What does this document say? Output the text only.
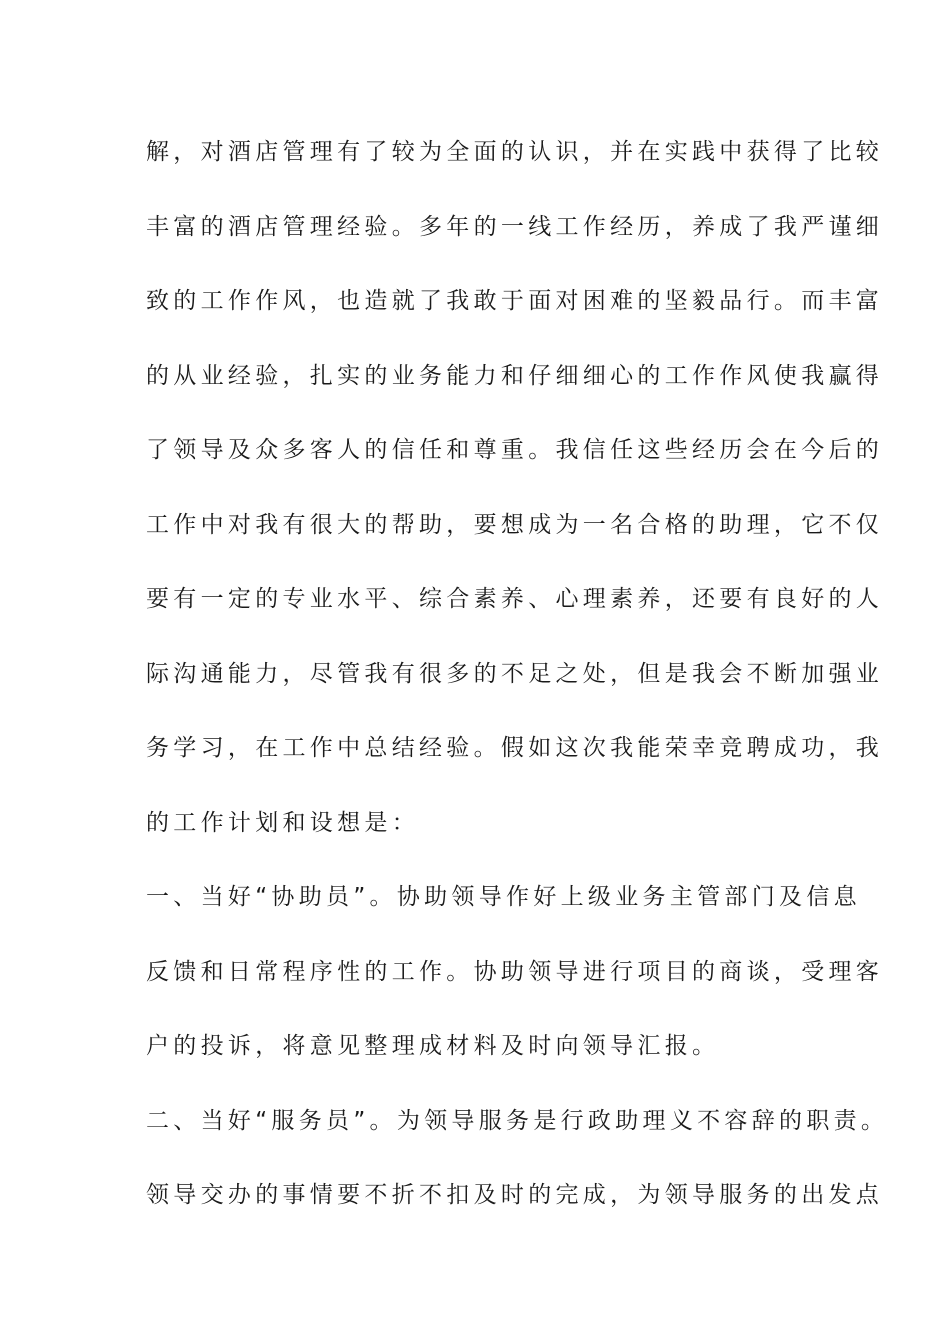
解，对酒店管理有了较为全面的认识，并在实践中获得了比较
丰富的酒店管理经验。多年的一线工作经历，养成了我严谨细
致的工作作风，也造就了我敢于面对困难的坚毅品行。而丰富
的从业经验，扎实的业务能力和仔细细心的工作作风使我赢得
了领导及众多客人的信任和尊重。我信任这些经历会在今后的
工作中对我有很大的帮助，要想成为一名合格的助理，它不仅
要有一定的专业水平、综合素养、心理素养，还要有良好的人
际沟通能力，尽管我有很多的不足之处，但是我会不断加强业
务学习，在工作中总结经验。假如这次我能荣幸竞聘成功，我
的工作计划和设想是：
一、当好“协助员”。协助领导作好上级业务主管部门及信息
反馈和日常程序性的工作。协助领导进行项目的商谈，受理客
户的投诉，将意见整理成材料及时向领导汇报。
二、当好“服务员”。为领导服务是行政助理义不容辞的职责。
领导交办的事情要不折不扣及时的完成，为领导服务的出发点
